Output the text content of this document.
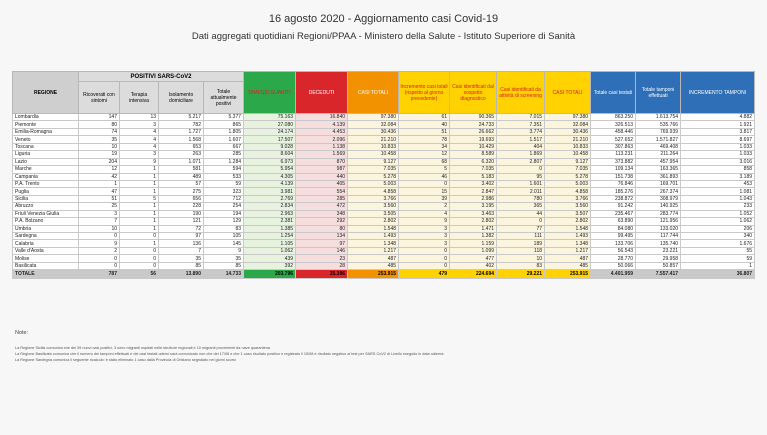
16 agosto 2020 - Aggiornamento casi Covid-19
Dati aggregati quotidiani Regioni/PPAA - Ministero della Salute - Istituto Superiore di Sanità
REGIONE	POSITIVI SARS-CoV2				DIMESSI GUARITI	DECEDUTI	CASI TOTALI	Incremento casi totali (rispetto al giorno precedente)	Casi identificati dal sospetto diagnostico	Casi identificati da attività di screening	CASI TOTALI	Totale casi testati	Totale tamponi effettuati	INCREMENTO TAMPONI
	Ricoverati con sintomi	Terapia intensiva	Isolamento domiciliare	Totale attualmente positivi										
Lombardia	147	13	5.217	5.377	75.163	16.840	97.380	61	90.365	7.015	97.380	863.250	1.613.754	4.882
Piemonte	80	3	782	865	27.080	4.139	32.084	40	24.733	7.351	32.084	326.513	535.766	1.921
Emilia-Romagna	74	4	1.727	1.805	24.174	4.453	30.436	51	26.662	3.774	30.436	458.446	769.939	3.817
Veneto	35	4	1.568	1.607	17.507	2.096	21.210	78	19.693	1.517	21.210	527.652	1.571.827	8.697
Toscana	10	4	653	667	9.028	1.138	10.833	34	10.429	404	10.833	307.863	469.408	1.033
Liguria	19	3	263	285	8.604	1.569	10.458	12	8.589	1.869	10.458	113.231	211.264	1.033
Lazio	204	9	1.071	1.284	6.973	870	9.127	68	6.320	2.807	9.127	373.882	457.954	3.016
Marche	12	1	581	594	5.954	987	7.035	5	7.035	0	7.035	109.134	163.365	858
Campania	42	1	489	533	4.305	440	5.278	46	5.183	95	5.278	151.738	361.893	3.189
P.A. Trento	1	1	57	59	4.139	405	5.003	0	3.402	1.601	5.003	76.846	169.701	453
Puglia	47	1	275	323	3.981	554	4.858	15	2.847	2.011	4.858	185.276	267.374	1.081
Sicilia	51	5	656	712	2.769	285	3.766	39	2.986	780	3.766	238.872	308.979	1.043
Abruzzo	25	1	228	254	2.834	472	3.560	2	3.195	365	3.560	91.242	140.925	233
Friuli Venezia Giulia	3	1	190	194	2.963	348	3.505	4	3.463	44	3.507	235.467	283.774	1.052
P.A. Bolzano	7	1	121	129	2.381	292	2.802	9	2.802	0	2.802	63.890	121.956	1.062
Umbria	10	1	72	83	1.385	80	1.548	3	1.471	77	1.548	84.080	133.020	206
Sardegna	0	0	97	105	1.254	134	1.493	3	1.382	111	1.493	99.495	117.744	340
Calabria	9	1	136	145	1.105	97	1.348	3	1.159	189	1.348	133.706	135.740	1.676
Valle d'Aosta	2	0	7	9	1.062	146	1.217	0	1.099	118	1.217	56.543	23.221	55
Molise	0	0	35	35	439	23	487	0	477	10	487	28.770	29.958	59
Basilicata	0	0	85	85	392	28	485	0	402	83	485	50.066	50.857	1
TOTALE	787	56	13.890	14.733	203.796	35.396	253.915	479	224.694	29.221	253.915	4.401.959	7.557.417	36.807
Note:
La Regione Sicilia comunica che dei 39 nuovi casi positivi, 3 sono migranti ospitati nelle strutture regionali e 10 migranti provenienti da nave quarantena
La Regione Basilicata comunica che il numero dei tamponi effettuati e dei casi testati oderni sarà comunicato non che del 17/08 e che 1 caso risultato positivo e registrato il 15/08 è risultato negativo ai test per SARS CoV2 di Livello eseguito in data odierna.
La Regione Sardegna comunica il seguente ricalcolo: è stato eliminato 1 caso dalla Provincia di Oristano segnalato nei giorni scorsi
